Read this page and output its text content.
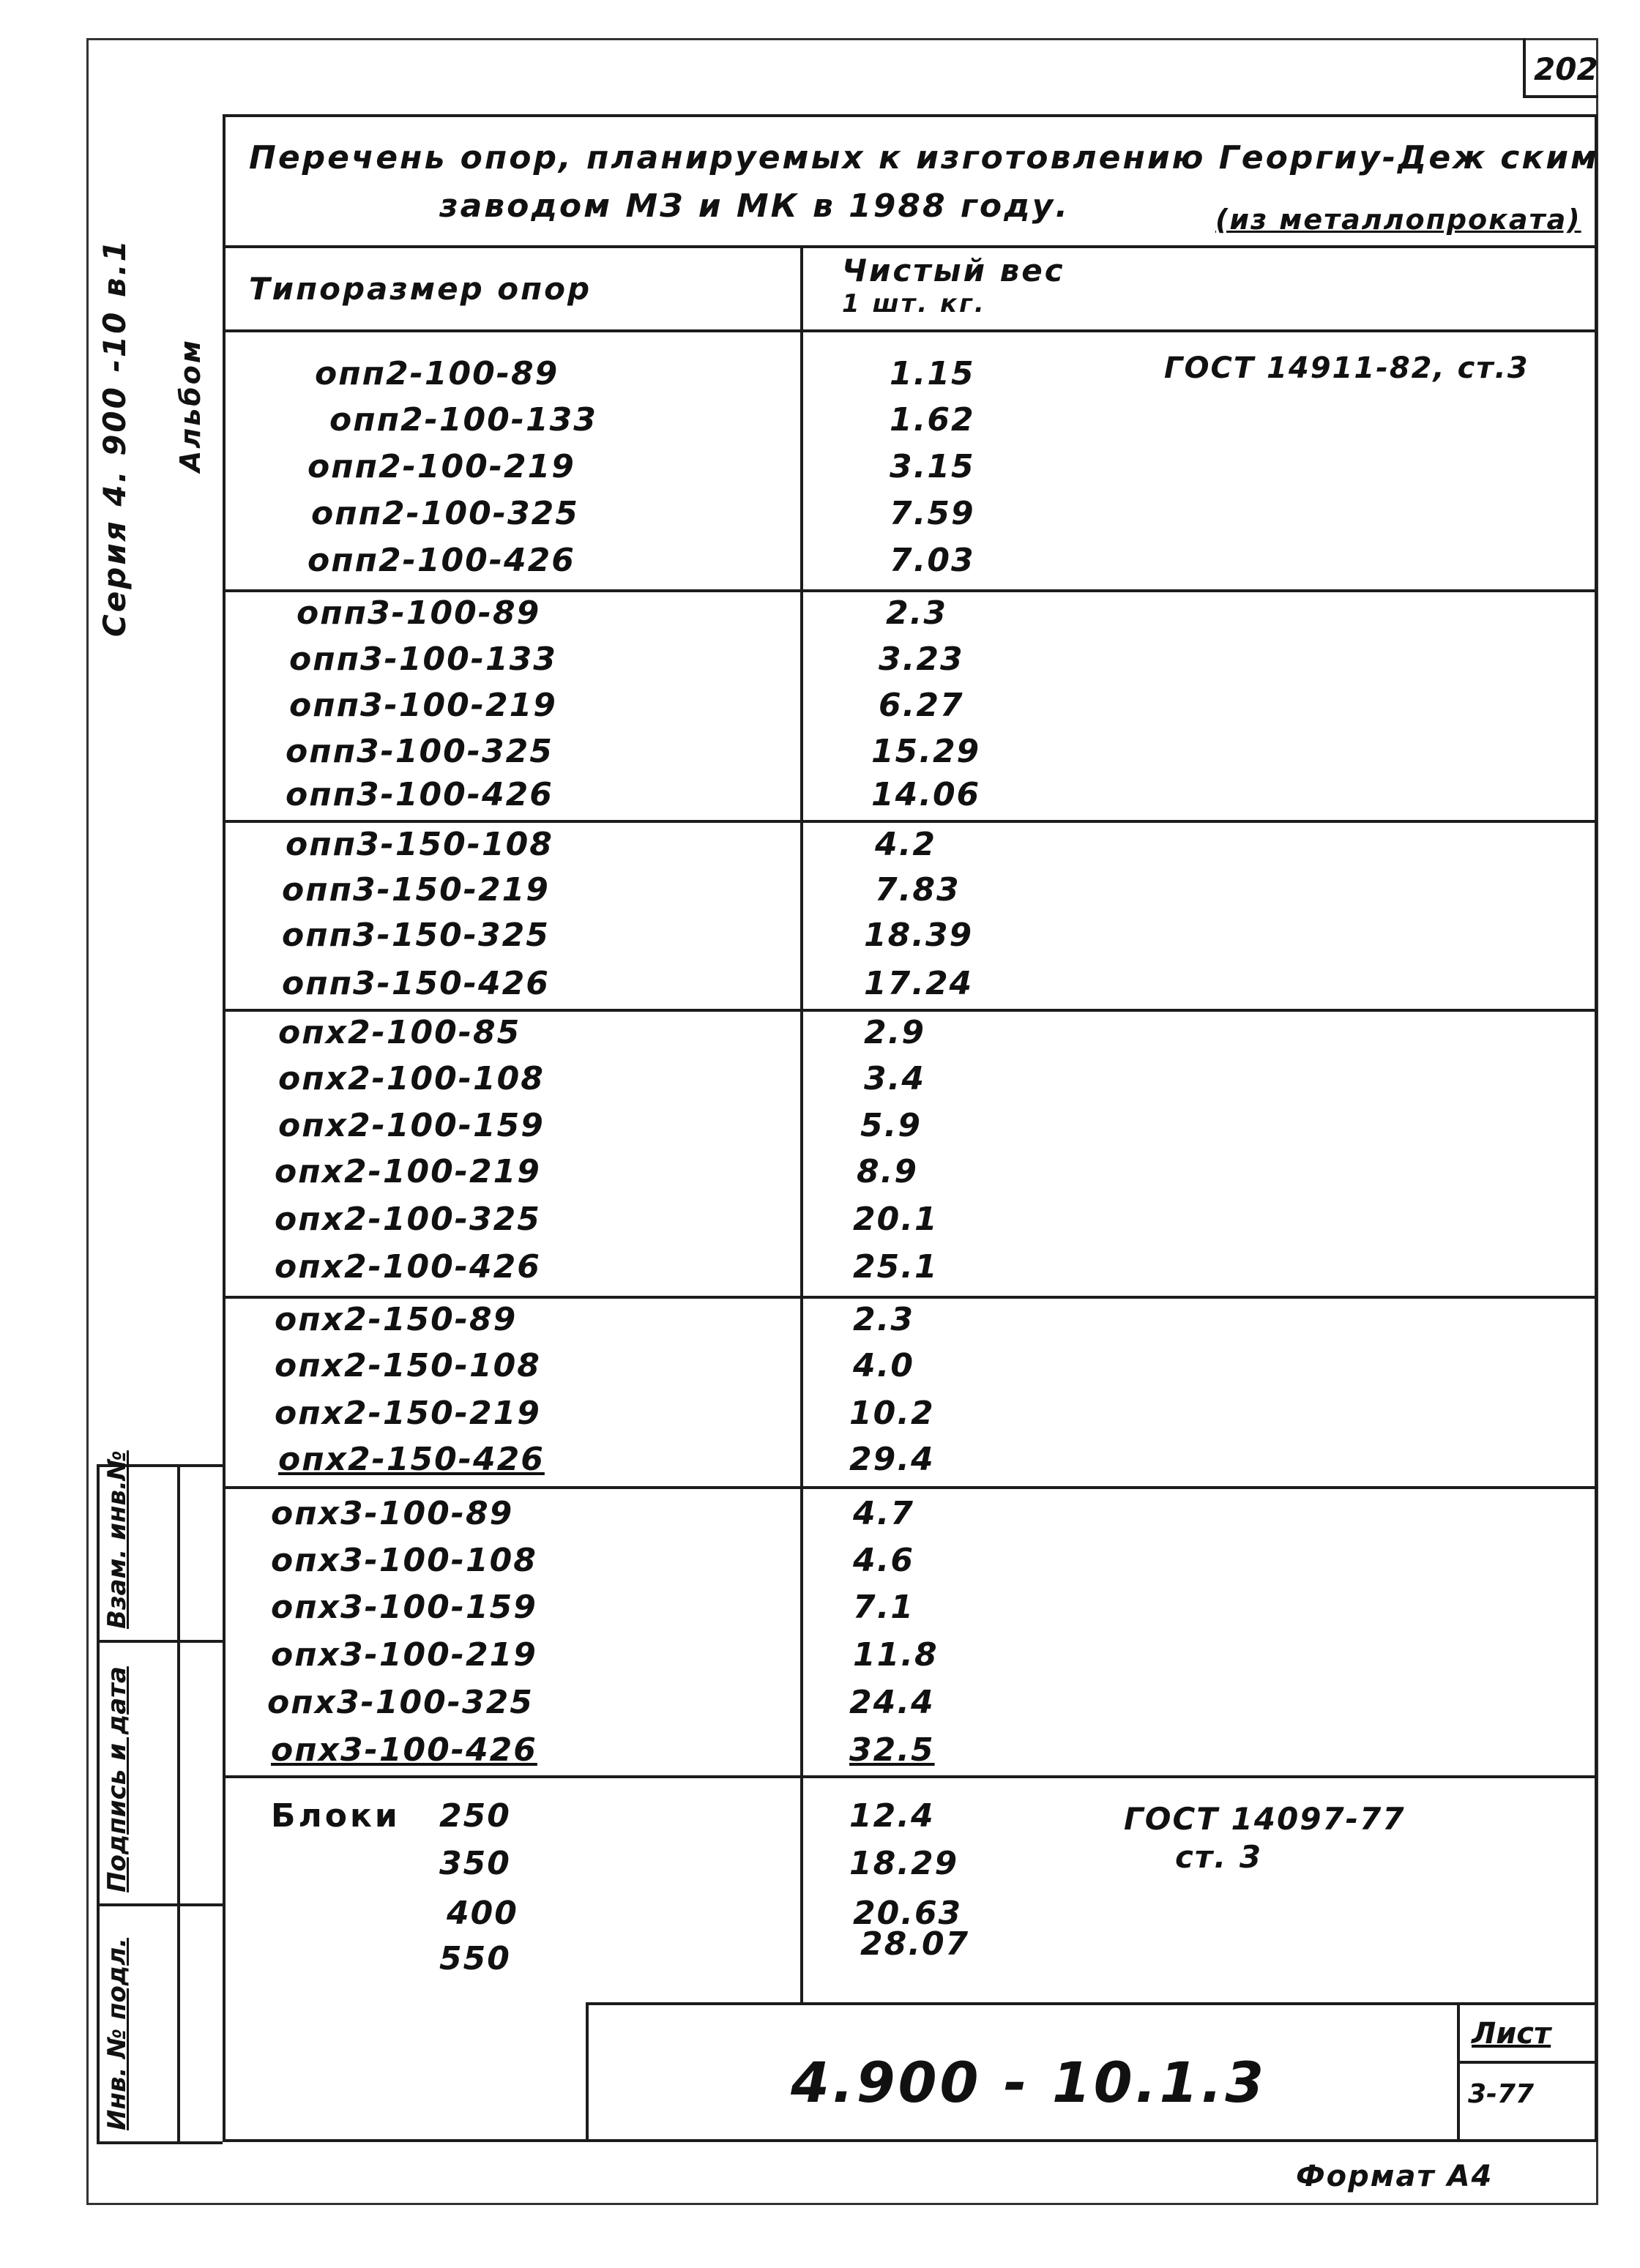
202
Серия 4. 900 -10 в.1 Альбом
Взам. инв.№
Подпись и дата
Инв. № подл.
Перечень опор, планируемых к изготовлению Георгиу-Деж ским
заводом МЗ и МК в 1988 году.	(из металлопроката)
Типоразмер опор
Чистый вес
1 шт. кг.
опп2-100-89	1.15
опп2-100-133	1.62
опп2-100-219	3.15
опп2-100-325	7.59
опп2-100-426	7.03
ГОСТ 14911-82, ст.3
опп3-100-89	2.3
опп3-100-133	3.23
опп3-100-219	6.27
опп3-100-325	15.29
опп3-100-426	14.06
опп3-150-108	4.2
опп3-150-219	7.83
опп3-150-325	18.39
опп3-150-426	17.24
опх2-100-85	2.9
опх2-100-108	3.4
опх2-100-159	5.9
опх2-100-219	8.9
опх2-100-325	20.1
опх2-100-426	25.1
опх2-150-89	2.3
опх2-150-108	4.0
опх2-150-219	10.2
опх2-150-426	29.4
опх3-100-89	4.7
опх3-100-108	4.6
опх3-100-159	7.1
опх3-100-219	11.8
опх3-100-325	24.4
опх3-100-426	32.5
Блоки 250	12.4
350	18.29
400	20.63
550	28.07
ГОСТ 14097-77
ст. 3
4.900 - 10.1.3
Лист
3-77
Формат А4
